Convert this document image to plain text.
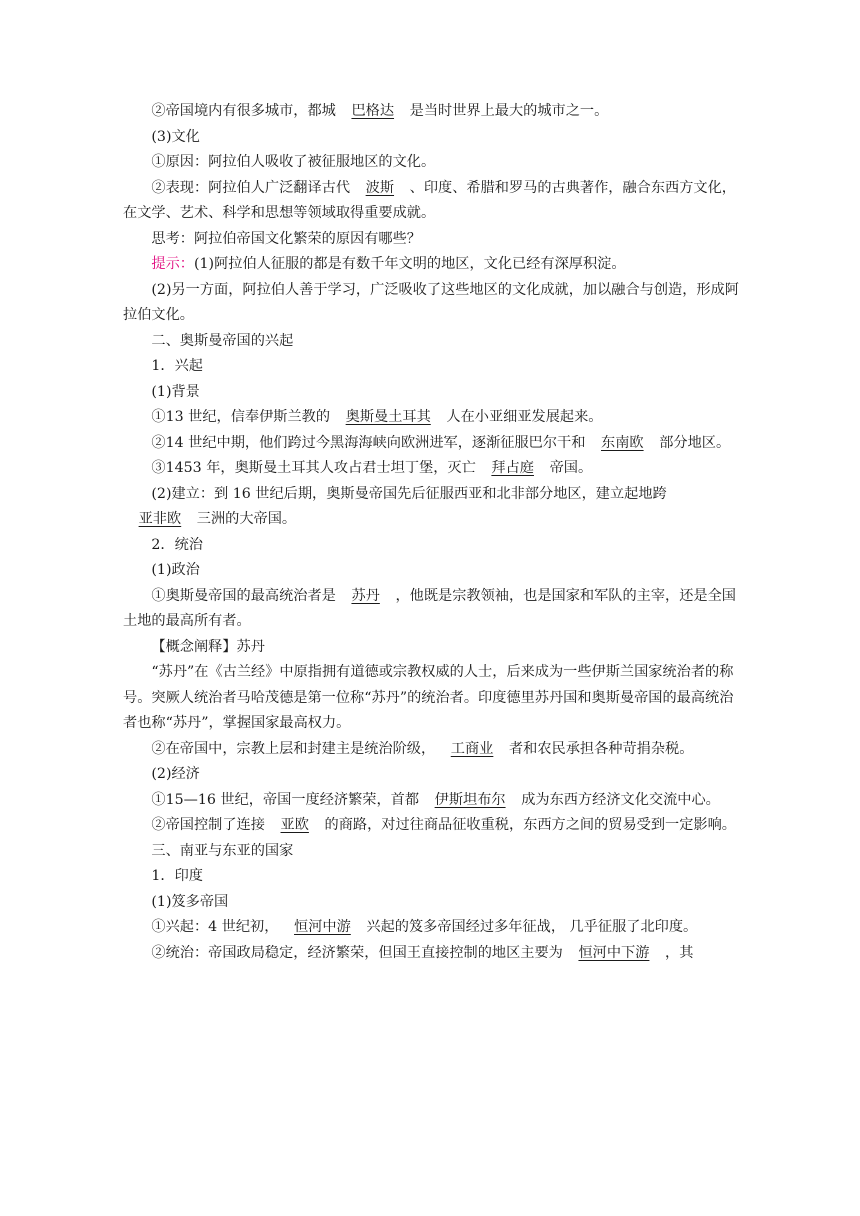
②帝国境内有很多城市，都城 巴格达 是当时世界上最大的城市之一。

(3)文化

①原因：阿拉伯人吸收了被征服地区的文化。

②表现：阿拉伯人广泛翻译古代 波斯 、印度、希腊和罗马的古典著作，融合东西方文化，在文学、艺术、科学和思想等领域取得重要成就。

思考：阿拉伯帝国文化繁荣的原因有哪些？

提示：(1)阿拉伯人征服的都是有数千年文明的地区，文化已经有深厚积淀。

(2)另一方面，阿拉伯人善于学习，广泛吸收了这些地区的文化成就，加以融合与创造，形成阿拉伯文化。

二、奥斯曼帝国的兴起

1．兴起

(1)背景

①13 世纪，信奉伊斯兰教的 奥斯曼土耳其 人在小亚细亚发展起来。

②14 世纪中期，他们跨过今黑海海峡向欧洲进军，逐渐征服巴尔干和 东南欧 部分地区。

③1453 年，奥斯曼土耳其人攻占君士坦丁堡，灭亡 拜占庭 帝国。

(2)建立：到 16 世纪后期，奥斯曼帝国先后征服西亚和北非部分地区，建立起地跨亚非欧 三洲的大帝国。

2．统治

(1)政治

①奥斯曼帝国的最高统治者是 苏丹 ，他既是宗教领袖，也是国家和军队的主宰，还是全国土地的最高所有者。

【概念阐释】苏丹

“苏丹”在《古兰经》中原指拥有道德或宗教权威的人士，后来成为一些伊斯兰国家统治者的称号。突厥人统治者马哈茂德是第一位称“苏丹”的统治者。印度德里苏丹国和奥斯曼帝国的最高统治者也称“苏丹”，掌握国家最高权力。

②在帝国中，宗教上层和封建主是统治阶级， 工商业 者和农民承担各种苛捐杂税。

(2)经济

①15—16 世纪，帝国一度经济繁荣，首都 伊斯坦布尔 成为东西方经济文化交流中心。

②帝国控制了连接 亚欧 的商路，对过往商品征收重税，东西方之间的贸易受到一定影响。

三、南亚与东亚的国家

1．印度

(1)笈多帝国

①兴起：4 世纪初， 恒河中游 兴起的笈多帝国经过多年征战， 几乎征服了北印度。

②统治：帝国政局稳定，经济繁荣，但国王直接控制的地区主要为 恒河中下游 ，其
